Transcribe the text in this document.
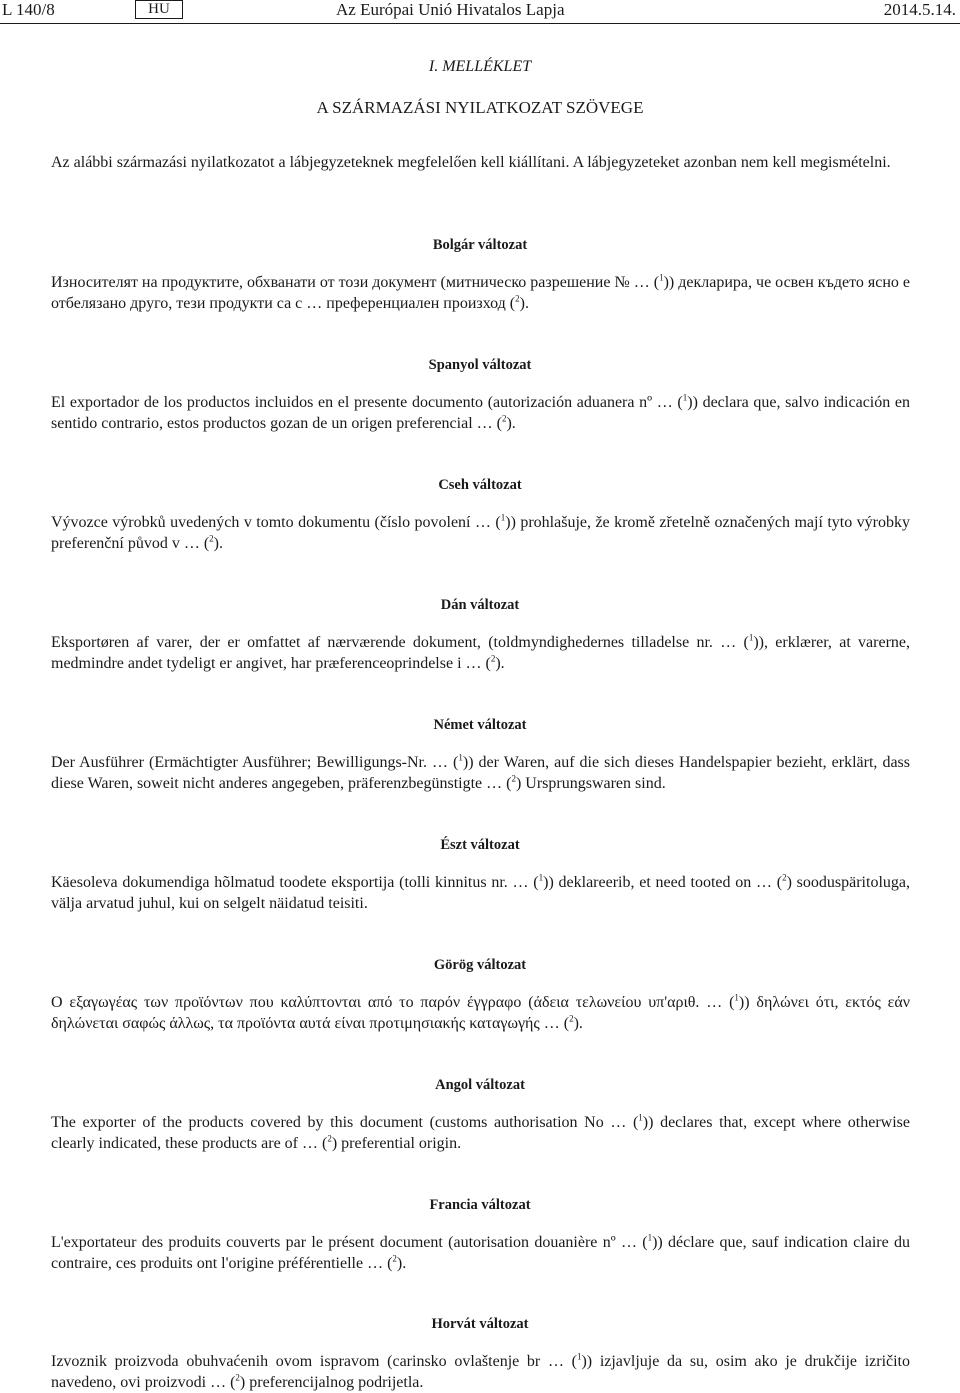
L 140/8	HU	Az Európai Unió Hivatalos Lapja	2014.5.14.
I. MELLÉKLET
A SZÁRMAZÁSI NYILATKOZAT SZÖVEGE
Az alábbi származási nyilatkozatot a lábjegyzeteknek megfelelően kell kiállítani. A lábjegyzeteket azonban nem kell megismételni.
Bolgár változat
Износителят на продуктите, обхванати от този документ (митническо разрешение № … ($^1$)) декларира, че освен където ясно е отбелязано друго, тези продукти са с … преференциален произход ($^2$).
Spanyol változat
El exportador de los productos incluidos en el presente documento (autorización aduanera nº … ($^1$)) declara que, salvo indicación en sentido contrario, estos productos gozan de un origen preferencial … ($^2$).
Cseh változat
Vývozce výrobků uvedených v tomto dokumentu (číslo povolení … ($^1$)) prohlašuje, že kromě zřetelně označených mají tyto výrobky preferenční původ v … ($^2$).
Dán változat
Eksportøren af varer, der er omfattet af nærværende dokument, (toldmyndighedernes tilladelse nr. … ($^1$)), erklærer, at varerne, medmindre andet tydeligt er angivet, har præferenceoprindelse i … ($^2$).
Német változat
Der Ausführer (Ermächtigter Ausführer; Bewilligungs-Nr. … ($^1$)) der Waren, auf die sich dieses Handelspapier bezieht, erklärt, dass diese Waren, soweit nicht anderes angegeben, präferenzbegünstigte … ($^2$) Ursprungswaren sind.
Észt változat
Käesoleva dokumendiga hõlmatud toodete eksportija (tolli kinnitus nr. … ($^1$)) deklareerib, et need tooted on … ($^2$) sooduspäritoluga, välja arvatud juhul, kui on selgelt näidatud teisiti.
Görög változat
Ο εξαγωγέας των προϊόντων που καλύπτονται από το παρόν έγγραφο (άδεια τελωνείου υπ'αριθ. … ($^1$)) δηλώνει ότι, εκτός εάν δηλώνεται σαφώς άλλως, τα προϊόντα αυτά είναι προτιμησιακής καταγωγής … ($^2$).
Angol változat
The exporter of the products covered by this document (customs authorisation No … ($^1$)) declares that, except where otherwise clearly indicated, these products are of … ($^2$) preferential origin.
Francia változat
L'exportateur des produits couverts par le présent document (autorisation douanière nº … ($^1$)) déclare que, sauf indication claire du contraire, ces produits ont l'origine préférentielle … ($^2$).
Horvát változat
Izvoznik proizvoda obuhvaćenih ovom ispravom (carinsko ovlaštenje br … ($^1$)) izjavljuje da su, osim ako je drukčije izričito navedeno, ovi proizvodi … ($^2$) preferencijalnog podrijetla.
